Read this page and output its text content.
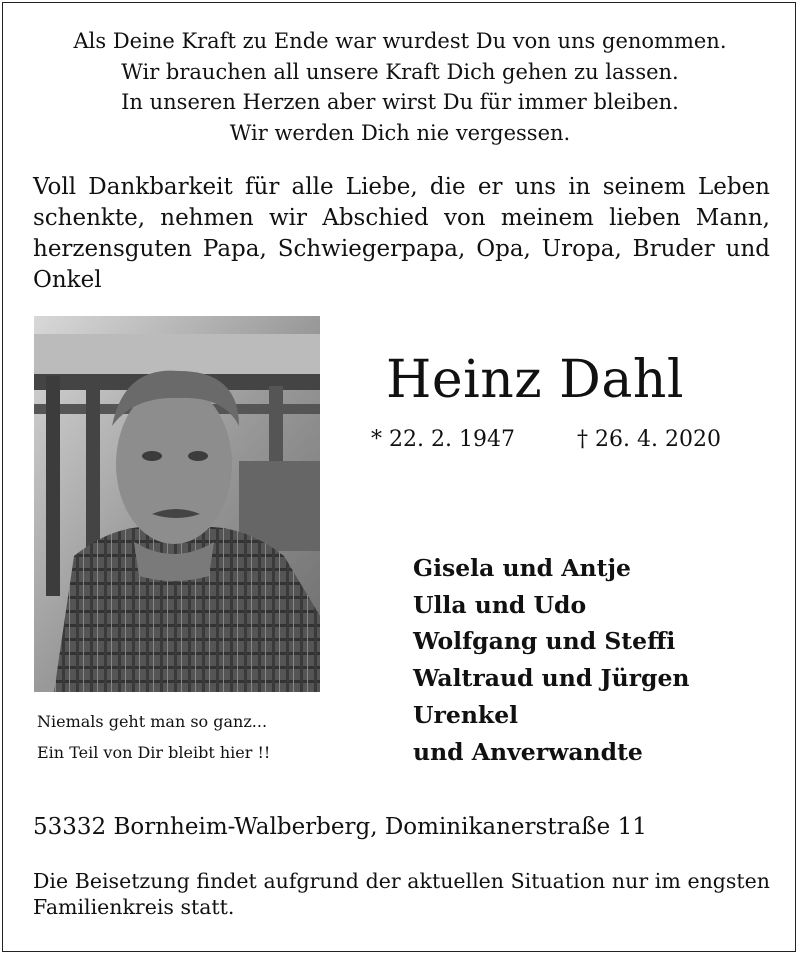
Als Deine Kraft zu Ende war wurdest Du von uns genommen.
Wir brauchen all unsere Kraft Dich gehen zu lassen.
In unseren Herzen aber wirst Du für immer bleiben.
Wir werden Dich nie vergessen.
Voll Dankbarkeit für alle Liebe, die er uns in seinem Leben schenkte, nehmen wir Abschied von meinem lieben Mann, herzensguten Papa, Schwiegerpapa, Opa, Uropa, Bruder und Onkel
Niemals geht man so ganz...
Ein Teil von Dir bleibt hier !!
Heinz Dahl
* 22. 2. 1947	† 26. 4. 2020
Gisela und Antje
Ulla und Udo
Wolfgang und Steffi
Waltraud und Jürgen
Urenkel
und Anverwandte
53332 Bornheim-Walberberg, Dominikanerstraße 11
Die Beisetzung findet aufgrund der aktuellen Situation nur im engsten Familienkreis statt.
